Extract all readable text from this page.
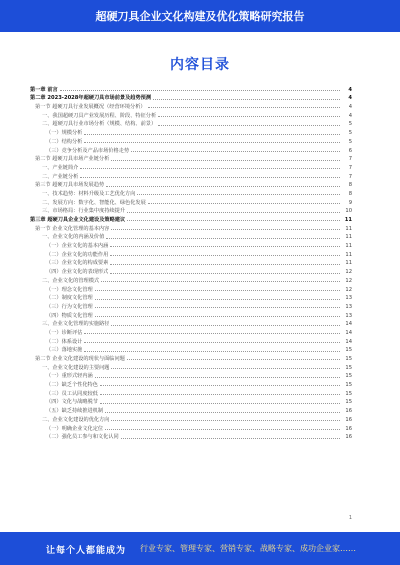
超硬刀具企业文化构建及优化策略研究报告
内容目录
第一章 前言	4
第二章 2023-2028年超硬刀具市场前景及趋势预测	4
第一节 超硬刀具行业发展概况（经营环境分析）	4
一、我国超硬刀具产业发展历程、阶段、特征分析	4
二、超硬刀具行业市场分析（规模、结构、前景）	5
（一）规模分析	5
（二）结构分析	5
（三）竞争分析及产品市场价格走势	6
第二节 超硬刀具市场产业链分析	7
一、产业链简介	7
二、产业链分析	7
第三节 超硬刀具市场发展趋势	8
一、技术趋势：材料升级及工艺优化方向	8
二、发展方向：数字化、智能化、绿色化发展	9
三、市场格局：行业集中度持续提升	10
第三章 超硬刀具企业文化建设及策略建议	11
第一节 企业文化管理的基本内容	11
一、企业文化的内涵及价值	11
（一）企业文化的基本内涵	11
（二）企业文化的功能作用	11
（三）企业文化的构成要素	11
（四）企业文化的表现形式	12
二、企业文化的管理模式	12
（一）理念文化管理	12
（二）制度文化管理	13
（三）行为文化管理	13
（四）物质文化管理	13
三、企业文化管理的实施路径	14
（一）诊断评估	14
（二）体系设计	14
（三）落地实施	15
第二节 企业文化建设的现状与面临问题	15
一、企业文化建设的主要问题	15
（一）重形式轻内涵	15
（二）缺乏个性化特色	15
（三）员工认同度较低	15
（四）文化与战略脱节	15
（五）缺乏持续推进机制	16
二、企业文化建设的优化方向	16
（一）明确企业文化定位	16
（二）强化员工参与和文化认同	16
1
让每个人都能成为 行业专家、管理专家、营销专家、战略专家、成功企业家……
